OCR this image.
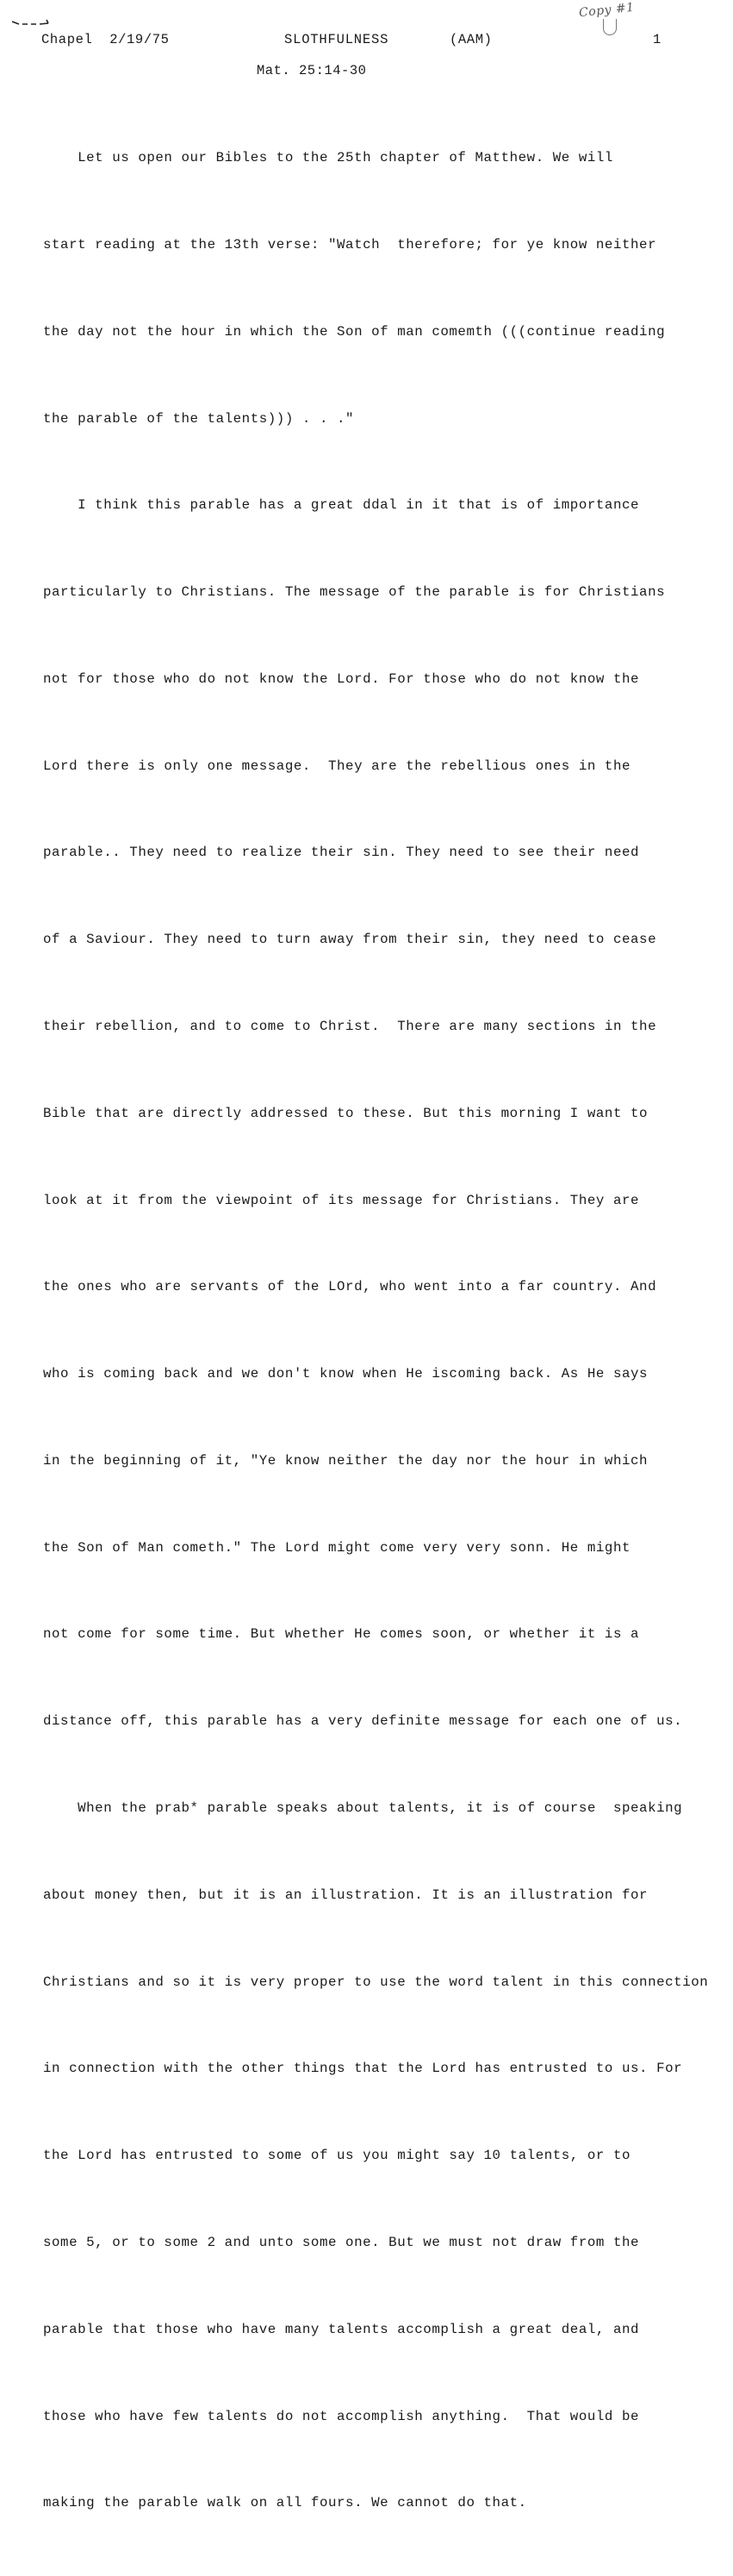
Copy #1
Chapel  2/19/75	SLOTHFULNESS	(AAM)	1
Mat. 25:14-30

Let us open our Bibles to the 25th chapter of Matthew. We will

start reading at the 13th verse: "Watch  therefore; for ye know neither

the day not the hour in which the Son of man comemth (((continue reading

the parable of the talents))) . . ."

I think this parable has a great ddal in it that is of importance

particularly to Christians. The message of the parable is for Christians

not for those who do not know the Lord. For those who do not know the

Lord there is only one message.  They are the rebellious ones in the

parable.. They need to realize their sin. They need to see their need

of a Saviour. They need to turn away from their sin, they need to cease

their rebellion, and to come to Christ.  There are many sections in the

Bible that are directly addressed to these. But this morning I want to

look at it from the viewpoint of its message for Christians. They are

the ones who are servants of the LOrd, who went into a far country. And

who is coming back and we don't know when He iscoming back. As He says

in the beginning of it, "Ye know neither the day nor the hour in which

the Son of Man cometh." The Lord might come very very sonn. He might

not come for some time. But whether He comes soon, or whether it is a

distance off, this parable has a very definite message for each one of us.

When the prab* parable speaks about talents, it is of course  speaking

about money then, but it is an illustration. It is an illustration for

Christians and so it is very proper to use the word talent in this connection

in connection with the other things that the Lord has entrusted to us. For

the Lord has entrusted to some of us you might say 10 talents, or to

some 5, or to some 2 and unto some one. But we must not draw from the

parable that those who have many talents accomplish a great deal, and

those who have few talents do not accomplish anything.  That would be

making the parable walk on all fours. We cannot do that.
